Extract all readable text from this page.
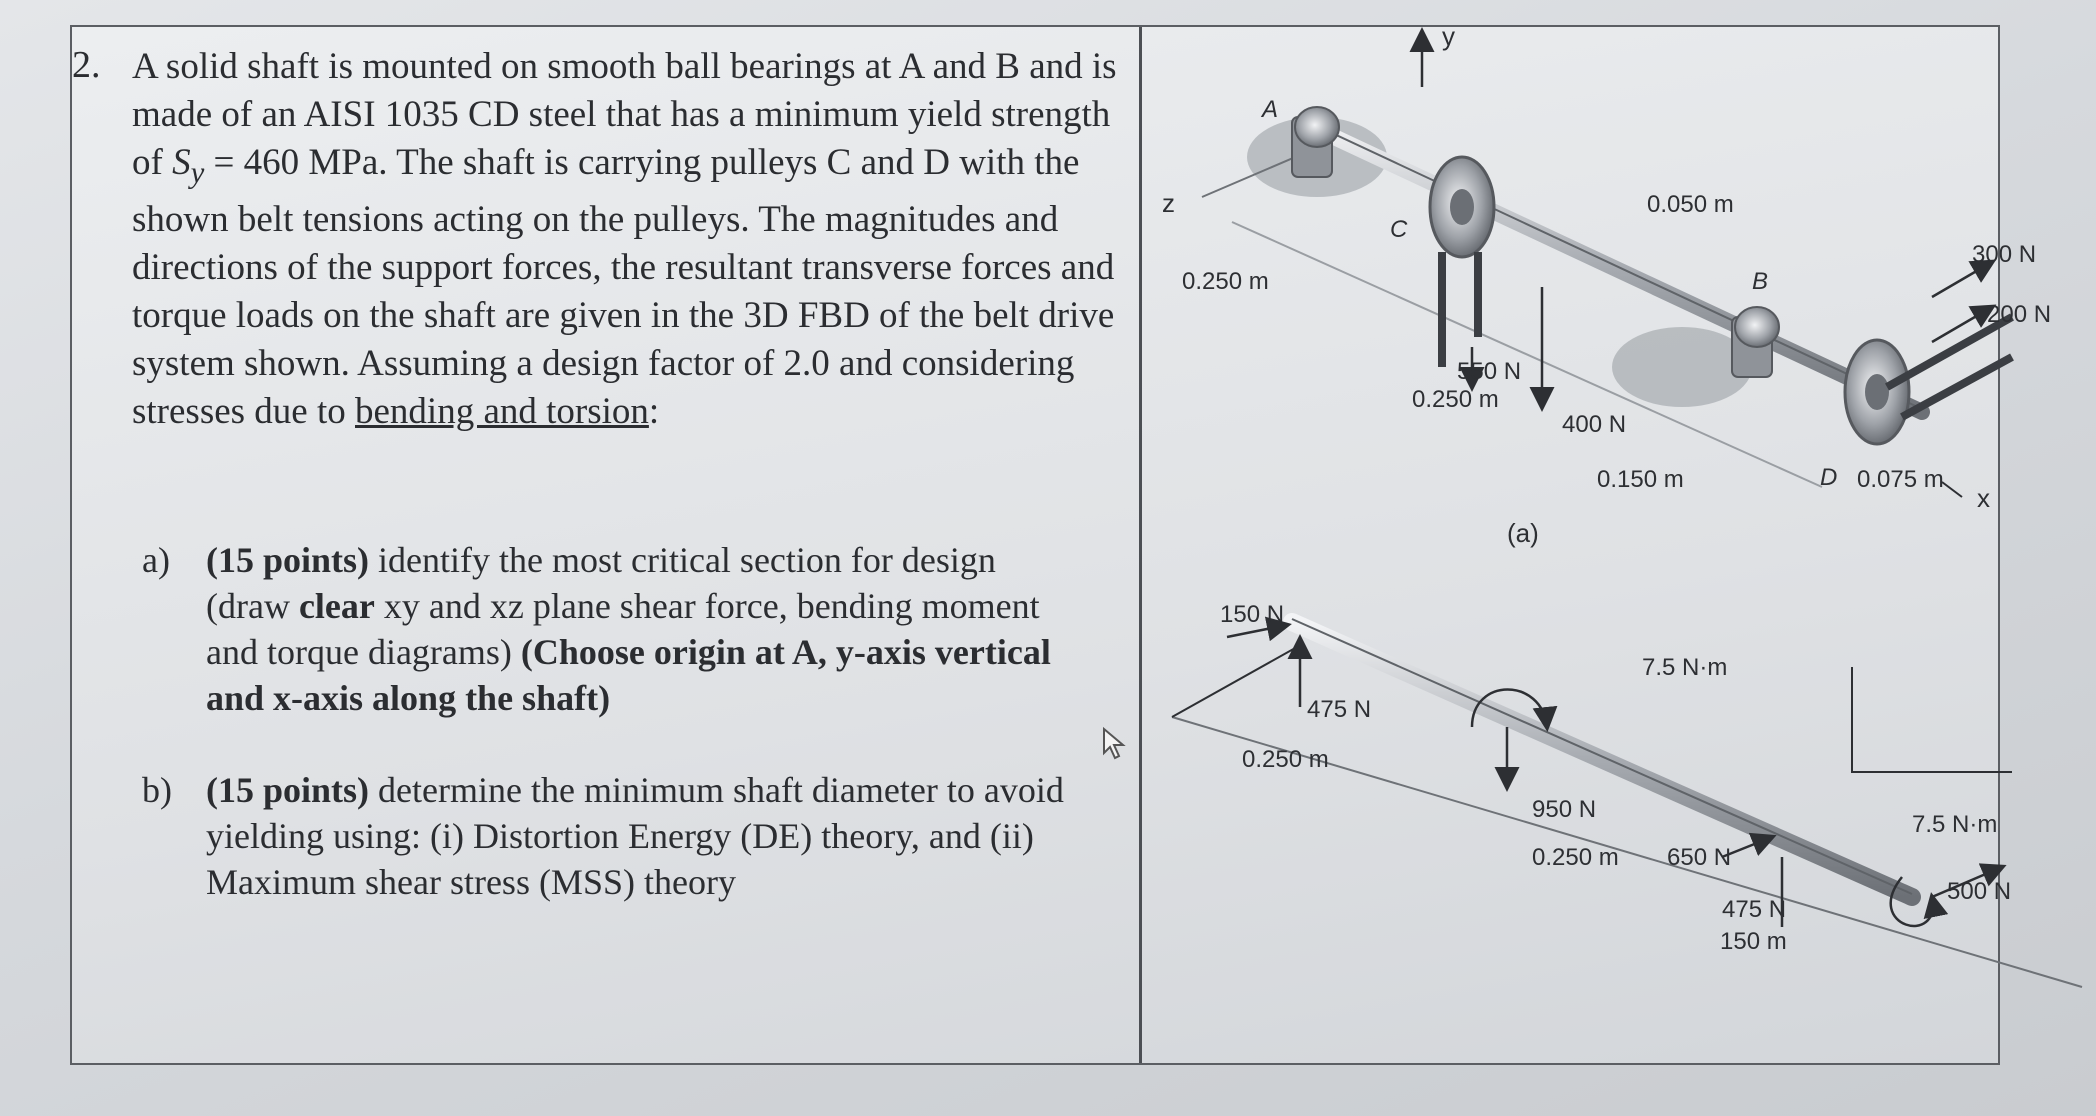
2. A solid shaft is mounted on smooth ball bearings at A and B and is made of an AISI 1035 CD steel that has a minimum yield strength of $S_y = 460$ MPa. The shaft is carrying pulleys C and D with the shown belt tensions acting on the pulleys. The magnitudes and directions of the support forces, the resultant transverse forces and torque loads on the shaft are given in the 3D FBD of the belt drive system shown. Assuming a design factor of 2.0 and considering stresses due to bending and torsion:
a) (15 points) identify the most critical section for design (draw clear xy and xz plane shear force, bending moment and torque diagrams) (Choose origin at A, y-axis vertical and x-axis along the shaft)
b) (15 points) determine the minimum shaft diameter to avoid yielding using: (i) Distortion Energy (DE) theory, and (ii) Maximum shear stress (MSS) theory
y
z
x
A
C
B
D
0.250 m
0.250 m
0.150 m
0.050 m
0.075 m
550 N
400 N
300 N
200 N
(a)
150 N
475 N
0.250 m
7.5 N·m
950 N
0.250 m 650 N
475 N
150 m
7.5 N·m
500 N
